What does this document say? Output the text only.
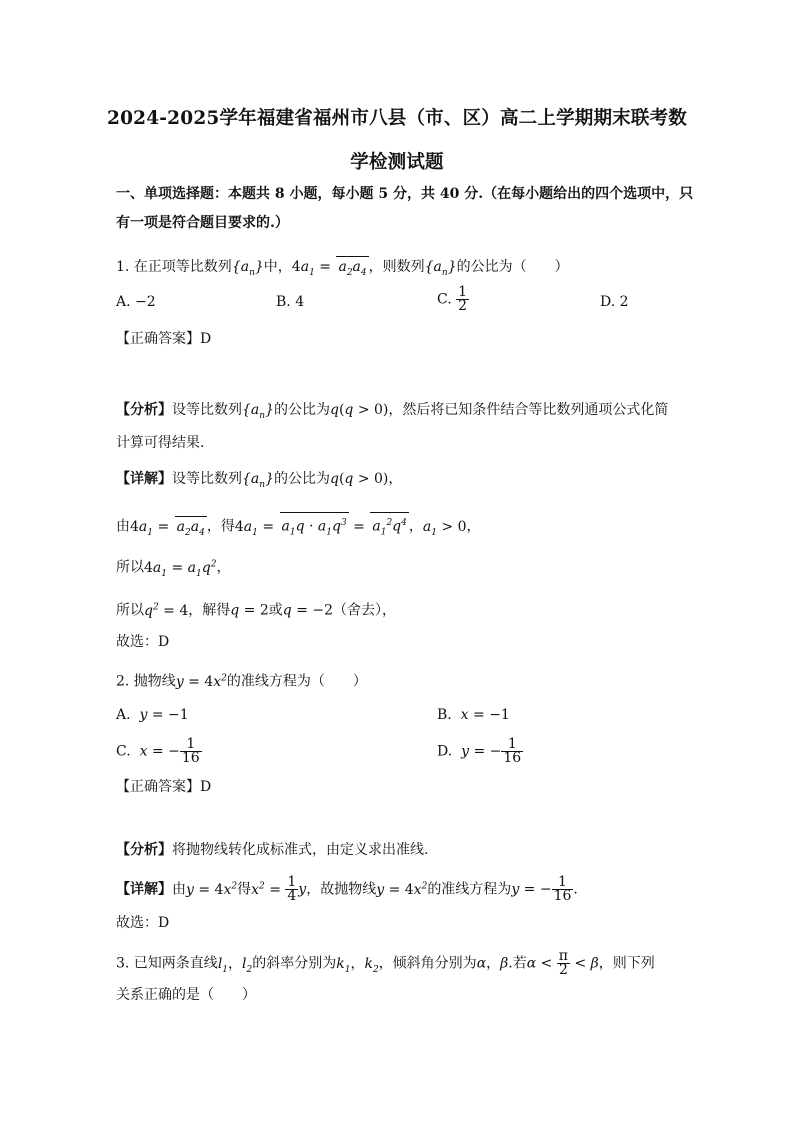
2024-2025学年福建省福州市八县（市、区）高二上学期期末联考数
学检测试题
一、单项选择题：本题共 8 小题，每小题 5 分，共 40 分.（在每小题给出的四个选项中，只
有一项是符合题目要求的.）
1. 在正项等比数列$\{a_n\}$中，$4a_1 = a_2a_4$ ，则数列$\{a_n\}$的公比为（　　）
A. −2	B. 4	C. $\frac{1}{2}$	D. 2
【正确答案】D
【分析】设等比数列$\{a_n\}$的公比为q(q > 0)，然后将已知条件结合等比数列通项公式化简
计算可得结果.
【详解】设等比数列$\{a_n\}$的公比为q(q > 0)，
由$4a_1 = a_2a_4$ ，得$4a_1 = a_1q \cdot a_1q^3 = a_1^2q^4$ ，$a_1 > 0$，
所以$4a_1 = a_1q^2$，
所以$q^2 = 4$，解得q = 2或q = −2（舍去），
故选：D
2. 抛物线$y = 4x^2$的准线方程为（　　）
A. y = −1	B. x = −1
C. x = − $\frac{1}{16}$	D. y = − $\frac{1}{16}$
【正确答案】D
【分析】将抛物线转化成标准式，由定义求出准线.
【详解】由$y = 4x^2$得$x^2 = \frac{1}{4}$ y，故抛物线$y = 4x^2$的准线方程为y = − $\frac{1}{16}$ .
故选：D
3. 已知两条直线$l_1$，$l_2$的斜率分别为$k_1$，$k_2$，倾斜角分别为α，β.若$\alpha < \frac{\pi}{2} < \beta$，则下列
关系正确的是（　　）
